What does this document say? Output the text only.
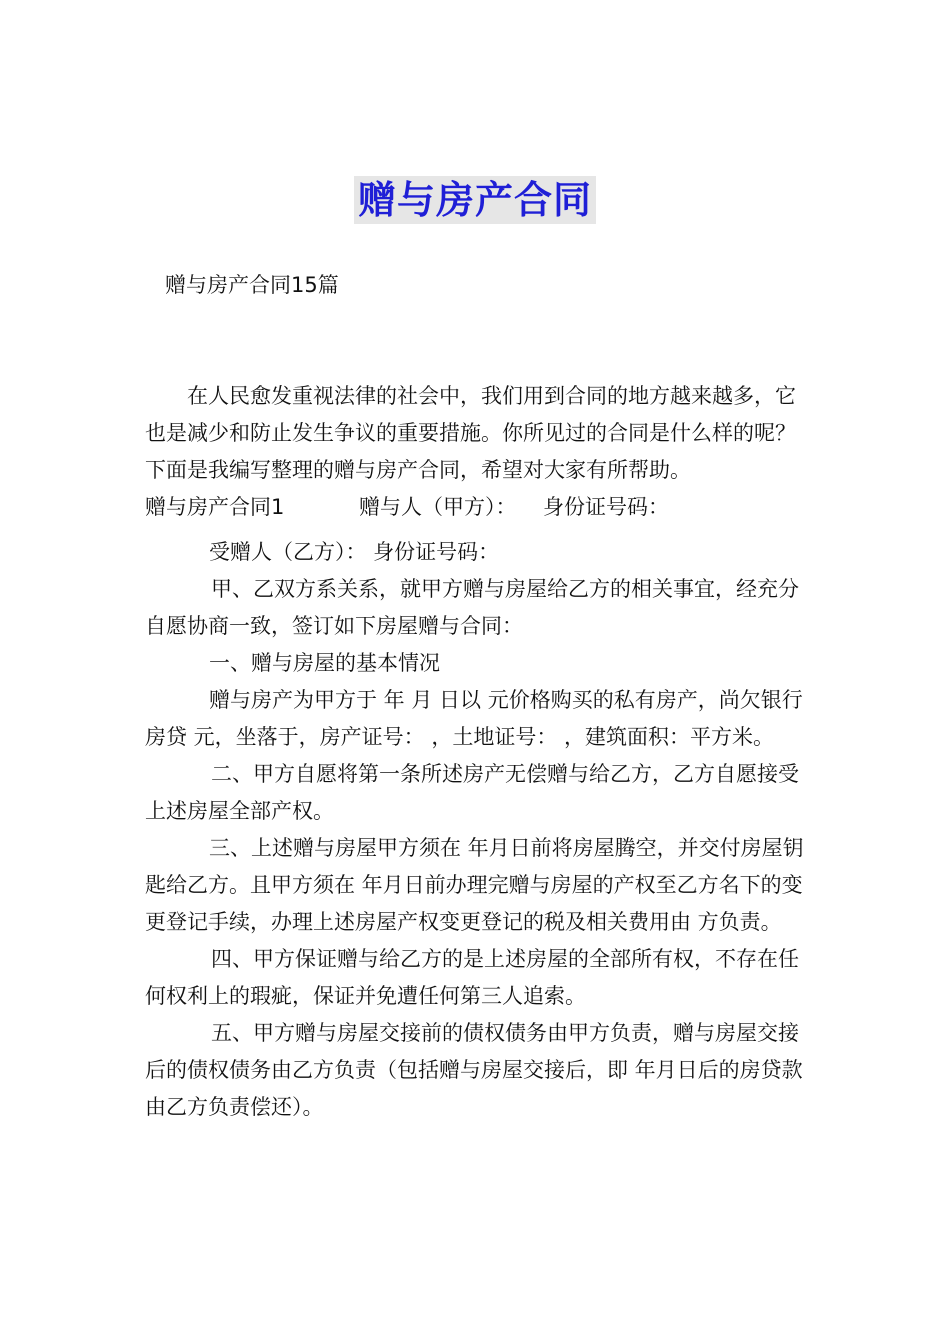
赠与房产合同
赠与房产合同15篇

在人民愈发重视法律的社会中，我们用到合同的地方越来越多，它也是减少和防止发生争议的重要措施。你所见过的合同是什么样的呢？下面是我编写整理的赠与房产合同，希望对大家有所帮助。

赠与房产合同1	赠与人（甲方）： 身份证号码：

受赠人（乙方）： 身份证号码：

甲、乙双方系关系，就甲方赠与房屋给乙方的相关事宜，经充分自愿协商一致，签订如下房屋赠与合同：

一、赠与房屋的基本情况

赠与房产为甲方于 年 月 日以 元价格购买的私有房产，尚欠银行房贷 元，坐落于，房产证号： ，土地证号： ，建筑面积：平方米。

二、甲方自愿将第一条所述房产无偿赠与给乙方，乙方自愿接受上述房屋全部产权。

三、上述赠与房屋甲方须在 年月日前将房屋腾空，并交付房屋钥匙给乙方。且甲方须在 年月日前办理完赠与房屋的产权至乙方名下的变更登记手续，办理上述房屋产权变更登记的税及相关费用由 方负责。

四、甲方保证赠与给乙方的是上述房屋的全部所有权，不存在任何权利上的瑕疵，保证并免遭任何第三人追索。

五、甲方赠与房屋交接前的债权债务由甲方负责，赠与房屋交接后的债权债务由乙方负责（包括赠与房屋交接后，即 年月日后的房贷款由乙方负责偿还）。
